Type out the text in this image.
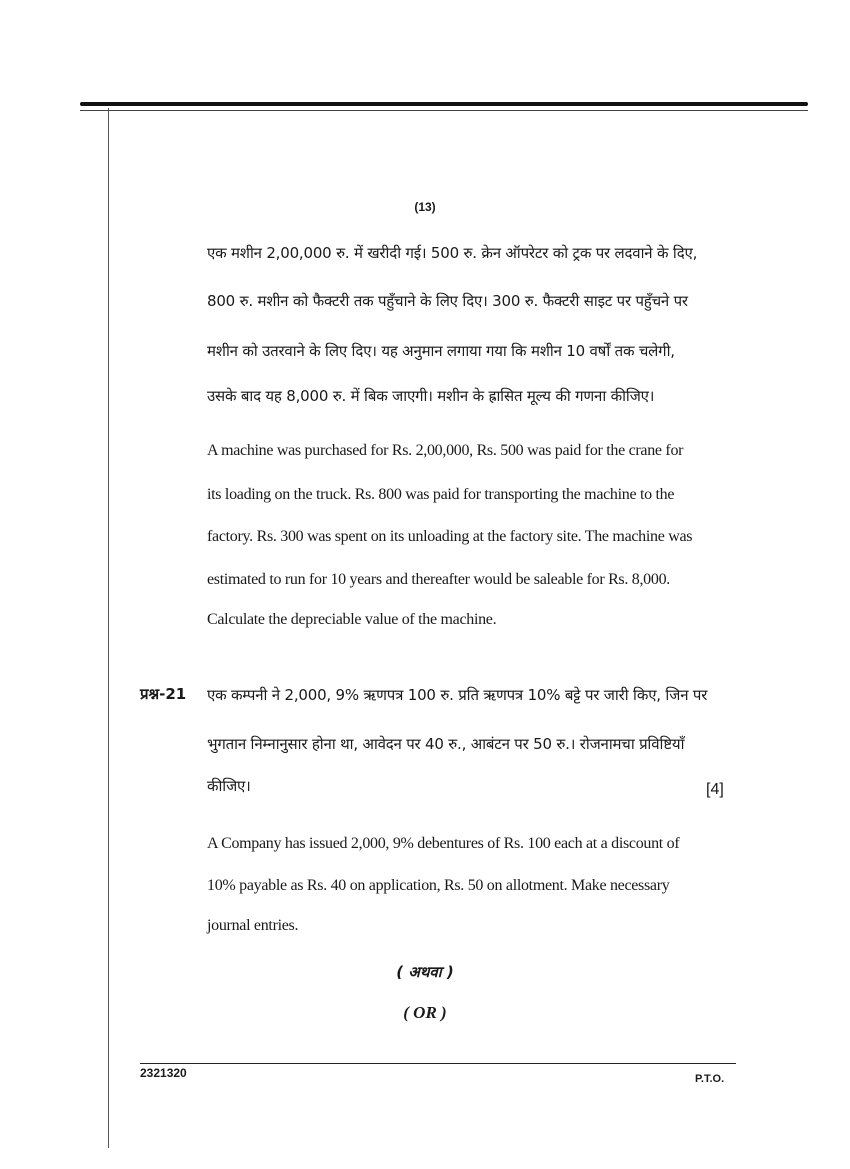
(13)
एक मशीन 2,00,000 रु. में खरीदी गई। 500 रु. क्रेन ऑपरेटर को ट्रक पर लदवाने के दिए,
800 रु. मशीन को फैक्टरी तक पहुँचाने के लिए दिए। 300 रु. फैक्टरी साइट पर पहुँचने पर
मशीन को उतरवाने के लिए दिए। यह अनुमान लगाया गया कि मशीन 10 वर्षों तक चलेगी,
उसके बाद यह 8,000 रु. में बिक जाएगी। मशीन के ह्रासित मूल्य की गणना कीजिए।
A machine was purchased for Rs. 2,00,000, Rs. 500 was paid for the crane for
its loading on the truck. Rs. 800 was paid for transporting the machine to the
factory. Rs. 300 was spent on its unloading at the factory site. The machine was
estimated to run for 10 years and thereafter would be saleable for Rs. 8,000.
Calculate the depreciable value of the machine.
प्रश्न-21 एक कम्पनी ने 2,000, 9% ऋणपत्र 100 रु. प्रति ऋणपत्र 10% बट्टे पर जारी किए, जिन पर
भुगतान निम्नानुसार होना था, आवेदन पर 40 रु., आबंटन पर 50 रु.। रोजनामचा प्रविष्टियाँ
कीजिए।	[4]
A Company has issued 2,000, 9% debentures of Rs. 100 each at a discount of
10% payable as Rs. 40 on application, Rs. 50 on allotment. Make necessary
journal entries.
( अथवा )
( OR )
2321320	P.T.O.
